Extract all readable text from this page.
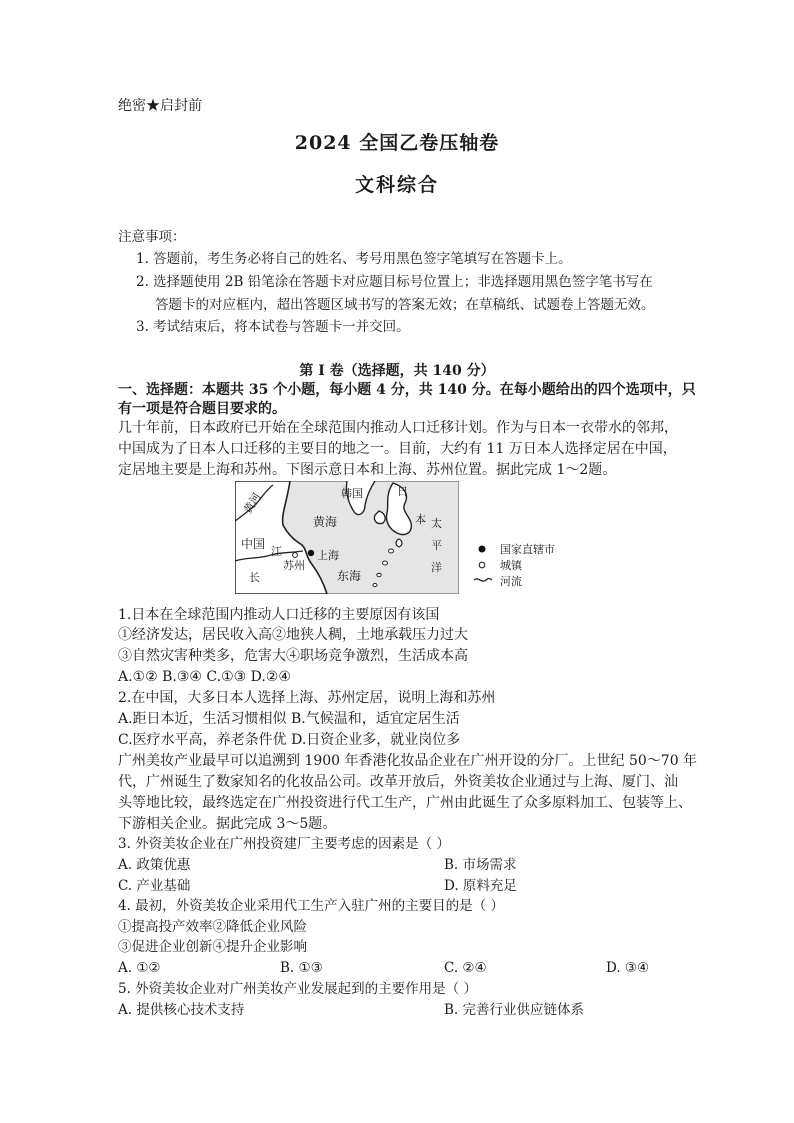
绝密★启封前
2024 全国乙卷压轴卷
文科综合
注意事项：
1. 答题前，考生务必将自己的姓名、考号用黑色签字笔填写在答题卡上。
2. 选择题使用 2B 铅笔涂在答题卡对应题目标号位置上；非选择题用黑色签字笔书写在
答题卡的对应框内，超出答题区域书写的答案无效；在草稿纸、试题卷上答题无效。
3. 考试结束后，将本试卷与答题卡一并交回。
第 I 卷（选择题，共 140 分）
一、选择题：本题共 35 个小题，每小题 4 分，共 140 分。在每小题给出的四个选项中，只
有一项是符合题目要求的。
几十年前，日本政府已开始在全球范围内推动人口迁移计划。作为与日本一衣带水的邻邦，
中国成为了日本人口迁移的主要目的地之一。目前，大约有 11 万日本人选择定居在中国，
定居地主要是上海和苏州。下图示意日本和上海、苏州位置。据此完成 1～2题。
黄河	韩国	日
本
黄海
中国
江
长
上海
苏州
东海
太
平
洋
国家直辖市
城镇
河流
1.日本在全球范围内推动人口迁移的主要原因有该国
①经济发达，居民收入高②地狭人稠，土地承载压力过大
③自然灾害种类多，危害大④职场竞争激烈，生活成本高
A.①② B.③④ C.①③ D.②④
2.在中国，大多日本人选择上海、苏州定居，说明上海和苏州
A.距日本近，生活习惯相似 B.气候温和，适宜定居生活
C.医疗水平高，养老条件优 D.日资企业多，就业岗位多
广州美妆产业最早可以追溯到 1900 年香港化妆品企业在广州开设的分厂。上世纪 50～70 年
代，广州诞生了数家知名的化妆品公司。改革开放后，外资美妆企业通过与上海、厦门、汕
头等地比较，最终选定在广州投资进行代工生产，广州由此诞生了众多原料加工、包装等上、
下游相关企业。据此完成 3～5题。
3. 外资美妆企业在广州投资建厂主要考虑的因素是（ ）
A. 政策优惠	B. 市场需求
C. 产业基础	D. 原料充足
4. 最初，外资美妆企业采用代工生产入驻广州的主要目的是（ ）
①提高投产效率②降低企业风险
③促进企业创新④提升企业影响
A. ①②	B. ①③	C. ②④	D. ③④
5. 外资美妆企业对广州美妆产业发展起到的主要作用是（ ）
A. 提供核心技术支持	B. 完善行业供应链体系
